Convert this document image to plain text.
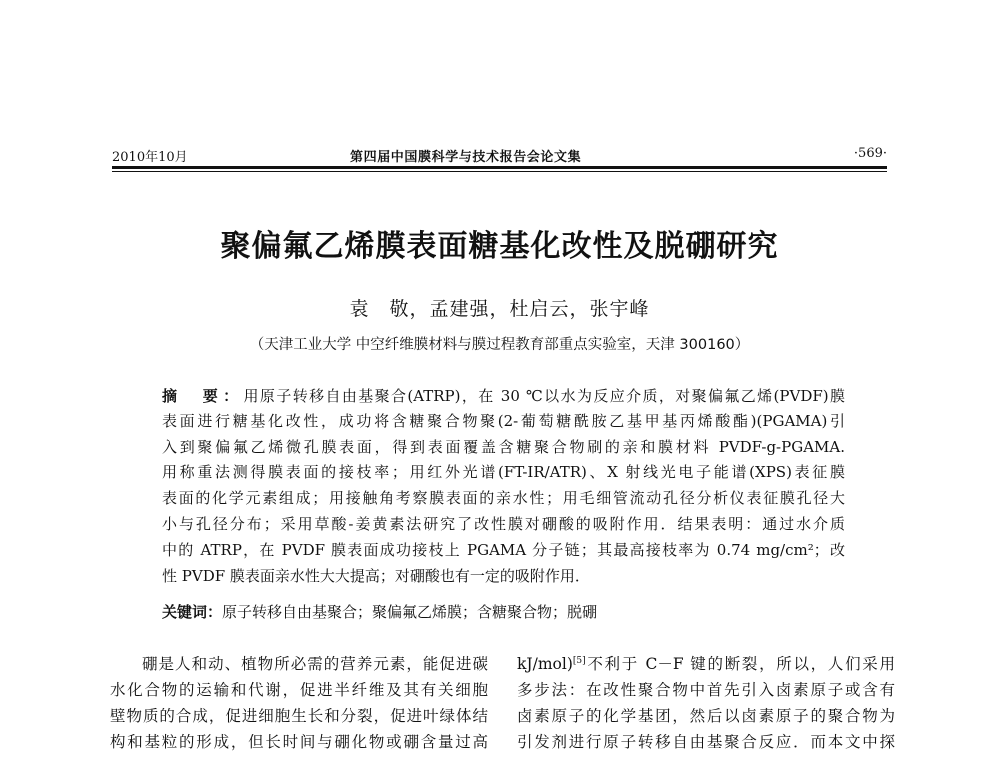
2010年10月	第四届中国膜科学与技术报告会论文集	·569·
聚偏氟乙烯膜表面糖基化改性及脱硼研究
袁　敬，孟建强，杜启云，张宇峰
（天津工业大学 中空纤维膜材料与膜过程教育部重点实验室，天津 300160）
摘　要：用原子转移自由基聚合(ATRP)，在 30 ℃以水为反应介质，对聚偏氟乙烯(PVDF)膜
表面进行糖基化改性，成功将含糖聚合物聚(2-葡萄糖酰胺乙基甲基丙烯酸酯)(PGAMA)引
入到聚偏氟乙烯微孔膜表面，得到表面覆盖含糖聚合物刷的亲和膜材料 PVDF-g-PGAMA.
用称重法测得膜表面的接枝率；用红外光谱(FT-IR/ATR)、X 射线光电子能谱(XPS)表征膜
表面的化学元素组成；用接触角考察膜表面的亲水性；用毛细管流动孔径分析仪表征膜孔径大
小与孔径分布；采用草酸-姜黄素法研究了改性膜对硼酸的吸附作用．结果表明：通过水介质
中的 ATRP，在 PVDF 膜表面成功接枝上 PGAMA 分子链；其最高接枝率为 0.74 mg/cm²；改
性 PVDF 膜表面亲水性大大提高；对硼酸也有一定的吸附作用．
关键词：原子转移自由基聚合；聚偏氟乙烯膜；含糖聚合物；脱硼
硼是人和动、植物所必需的营养元素，能促进碳
水化合物的运输和代谢，促进半纤维及其有关细胞
壁物质的合成，促进细胞生长和分裂，促进叶绿体结
构和基粒的形成，但长时间与硼化物或硼含量过高
kJ/mol)[5]不利于 C－F 键的断裂，所以，人们采用
多步法：在改性聚合物中首先引入卤素原子或含有
卤素原子的化学基团，然后以卤素原子的聚合物为
引发剂进行原子转移自由基聚合反应．而本文中探
